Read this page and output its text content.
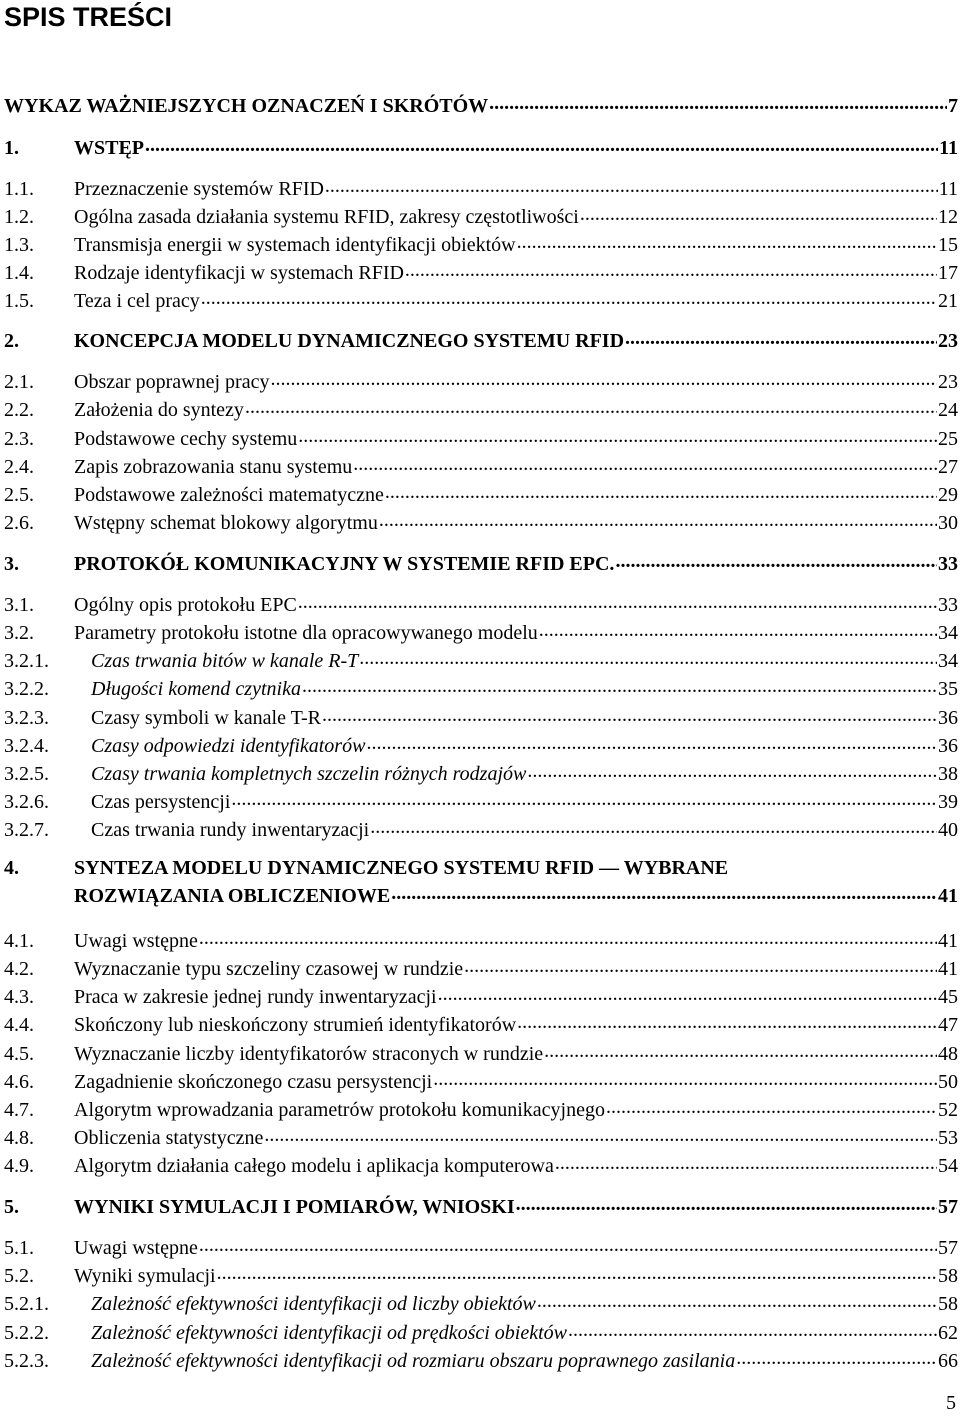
SPIS TREŚCI
WYKAZ WAŻNIEJSZYCH OZNACZEŃ I SKRÓTÓW .....	7
1.	WSTĘP .....	11
1.1.	Przeznaczenie systemów RFID .....	11
1.2.	Ogólna zasada działania systemu RFID, zakresy częstotliwości .....	12
1.3.	Transmisja energii w systemach identyfikacji obiektów .....	15
1.4.	Rodzaje identyfikacji w systemach RFID .....	17
1.5.	Teza i cel pracy .....	21
2.	KONCEPCJA MODELU DYNAMICZNEGO SYSTEMU RFID .....	23
2.1.	Obszar poprawnej pracy .....	23
2.2.	Założenia do syntezy .....	24
2.3.	Podstawowe cechy systemu .....	25
2.4.	Zapis zobrazowania stanu systemu .....	27
2.5.	Podstawowe zależności matematyczne .....	29
2.6.	Wstępny schemat blokowy algorytmu .....	30
3.	PROTOKÓŁ KOMUNIKACYJNY W SYSTEMIE RFID EPC. .....	33
3.1.	Ogólny opis protokołu EPC .....	33
3.2.	Parametry protokołu istotne dla opracowywanego modelu .....	34
3.2.1.	Czas trwania bitów w kanale R-T .....	34
3.2.2.	Długości komend czytnika .....	35
3.2.3.	Czasy symboli w kanale T-R .....	36
3.2.4.	Czasy odpowiedzi identyfikatorów .....	36
3.2.5.	Czasy trwania kompletnych szczelin różnych rodzajów .....	38
3.2.6.	Czas persystencji .....	39
3.2.7.	Czas trwania rundy inwentaryzacji .....	40
4.	SYNTEZA MODELU DYNAMICZNEGO SYSTEMU RFID — WYBRANE
ROZWIĄZANIA OBLICZENIOWE .....	41
4.1.	Uwagi wstępne .....	41
4.2.	Wyznaczanie typu szczeliny czasowej w rundzie .....	41
4.3.	Praca w zakresie jednej rundy inwentaryzacji .....	45
4.4.	Skończony lub nieskończony strumień identyfikatorów .....	47
4.5.	Wyznaczanie liczby identyfikatorów straconych w rundzie .....	48
4.6.	Zagadnienie skończonego czasu persystencji .....	50
4.7.	Algorytm wprowadzania parametrów protokołu komunikacyjnego .....	52
4.8.	Obliczenia statystyczne .....	53
4.9.	Algorytm działania całego modelu i aplikacja komputerowa .....	54
5.	WYNIKI SYMULACJI I POMIARÓW, WNIOSKI .....	57
5.1.	Uwagi wstępne .....	57
5.2.	Wyniki symulacji .....	58
5.2.1.	Zależność efektywności identyfikacji od liczby obiektów .....	58
5.2.2.	Zależność efektywności identyfikacji od prędkości obiektów .....	62
5.2.3.	Zależność efektywności identyfikacji od rozmiaru obszaru poprawnego zasilania .....	66
5
